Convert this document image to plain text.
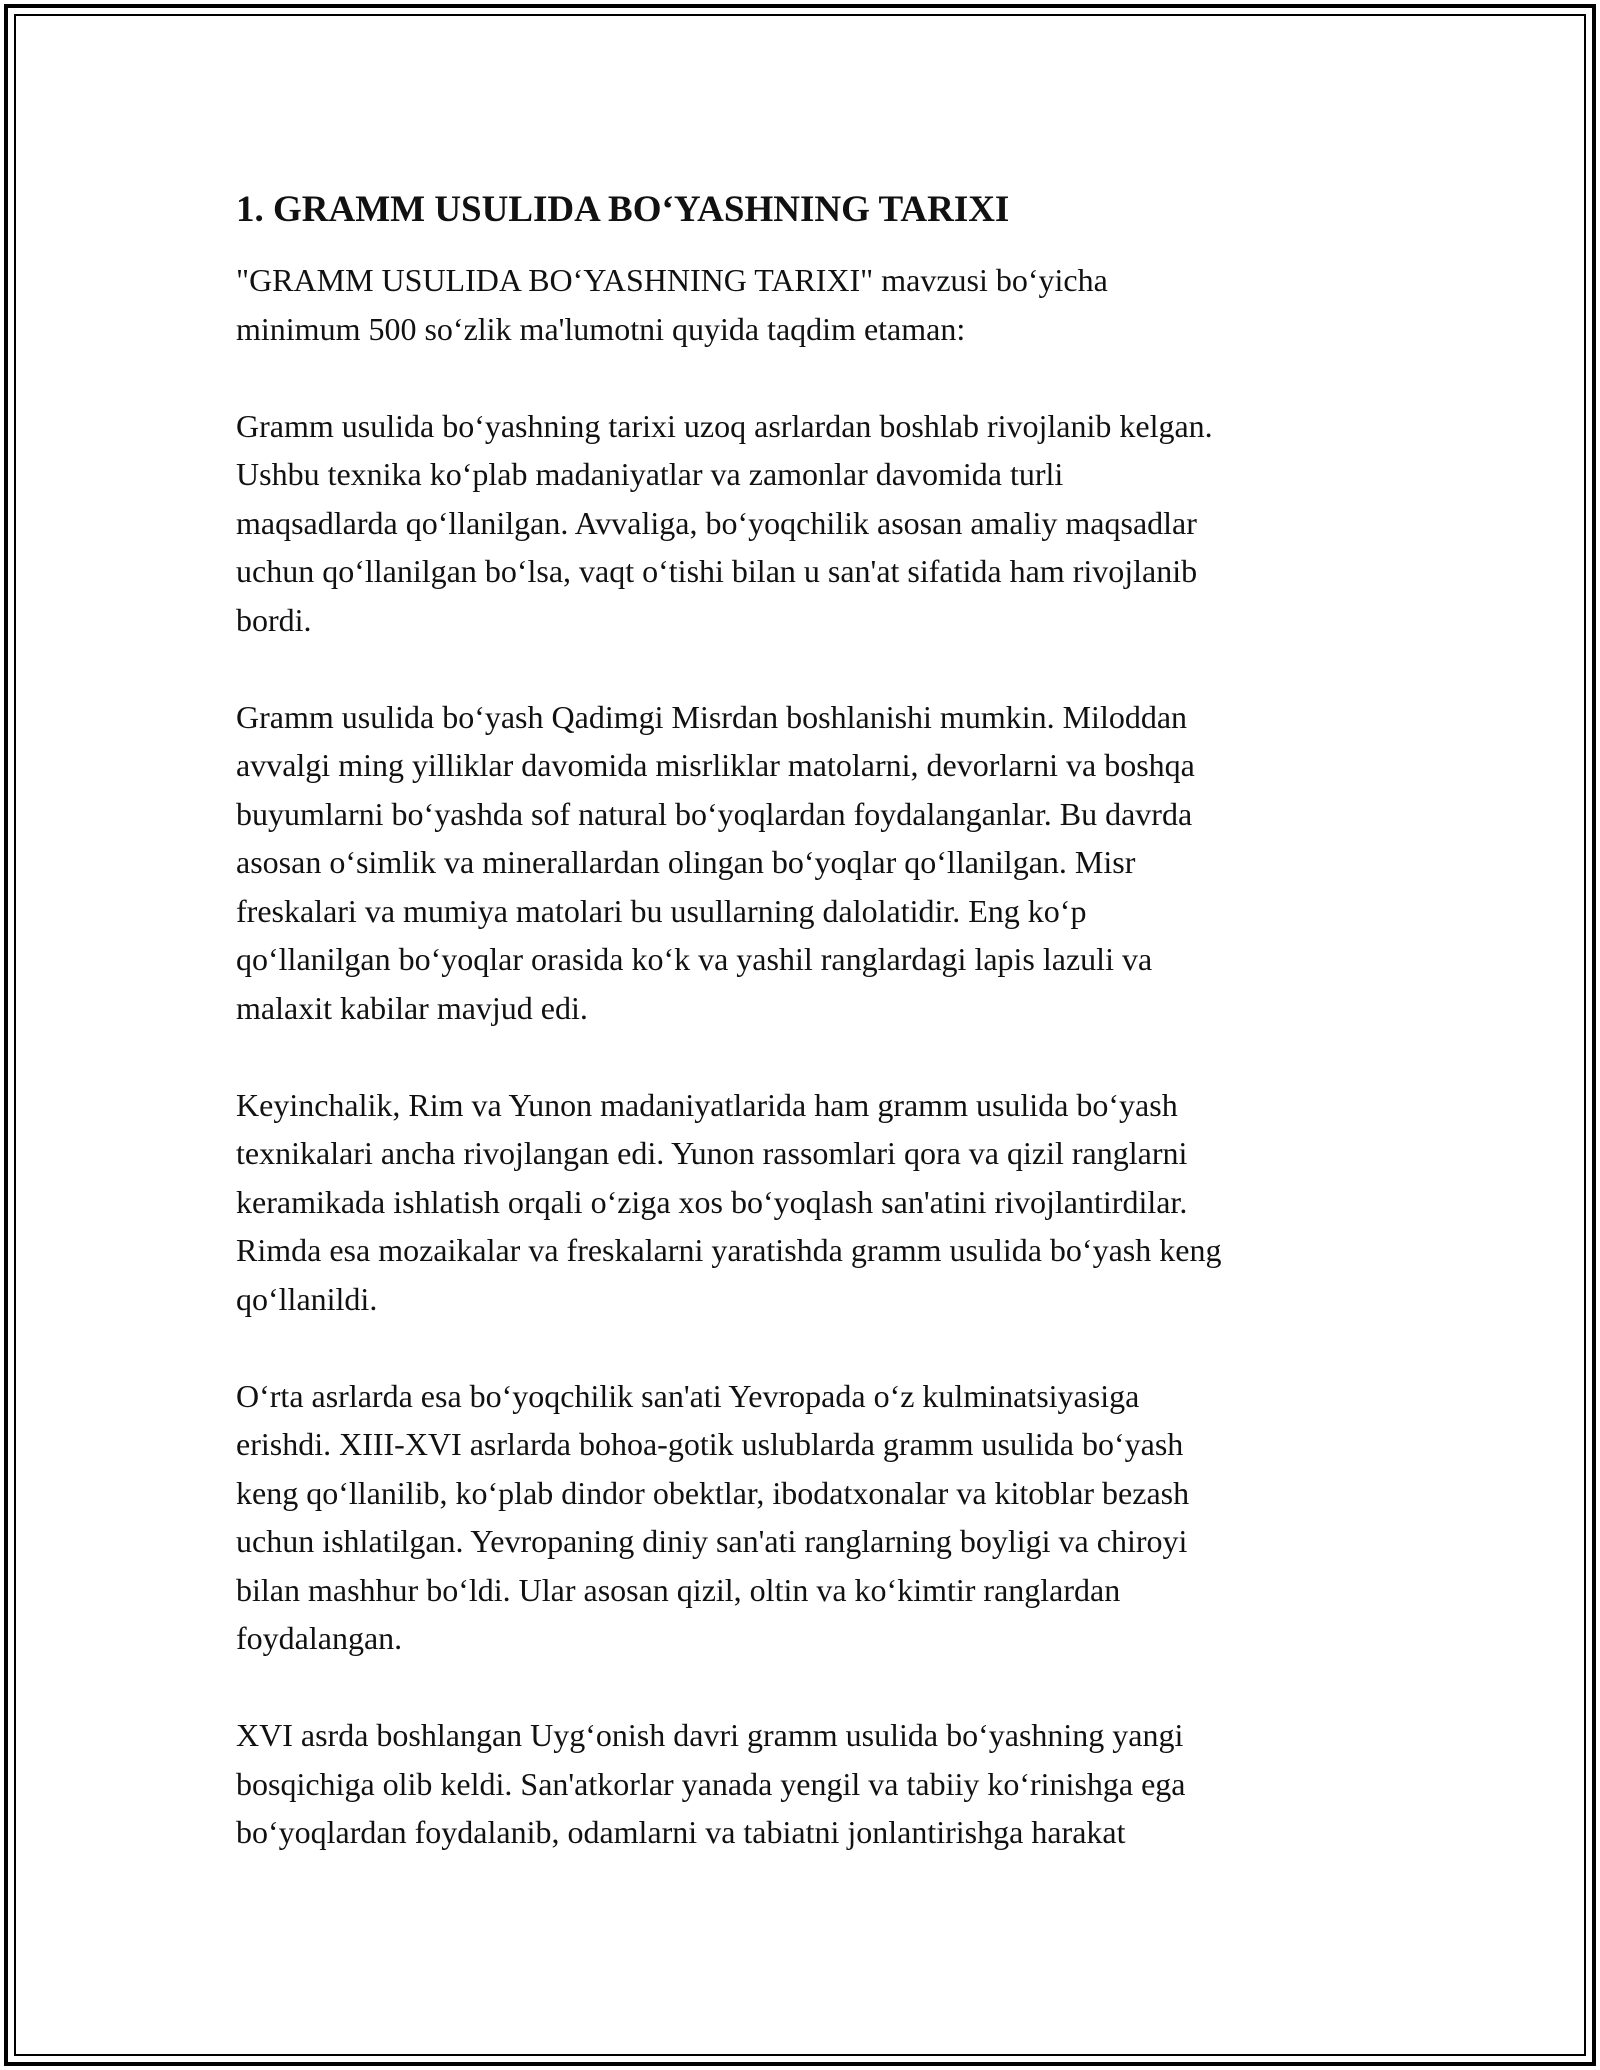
1. GRAMM USULIDA BO‘YASHNING TARIXI

"GRAMM USULIDA BO‘YASHNING TARIXI" mavzusi bo‘yicha
minimum 500 so‘zlik ma'lumotni quyida taqdim etaman:

Gramm usulida bo‘yashning tarixi uzoq asrlardan boshlab rivojlanib kelgan.
Ushbu texnika ko‘plab madaniyatlar va zamonlar davomida turli
maqsadlarda qo‘llanilgan. Avvaliga, bo‘yoqchilik asosan amaliy maqsadlar
uchun qo‘llanilgan bo‘lsa, vaqt o‘tishi bilan u san'at sifatida ham rivojlanib
bordi.

Gramm usulida bo‘yash Qadimgi Misrdan boshlanishi mumkin. Miloddan
avvalgi ming yilliklar davomida misrliklar matolarni, devorlarni va boshqa
buyumlarni bo‘yashda sof natural bo‘yoqlardan foydalanganlar. Bu davrda
asosan o‘simlik va minerallardan olingan bo‘yoqlar qo‘llanilgan. Misr
freskalari va mumiya matolari bu usullarning dalolatidir. Eng ko‘p
qo‘llanilgan bo‘yoqlar orasida ko‘k va yashil ranglardagi lapis lazuli va
malaxit kabilar mavjud edi.

Keyinchalik, Rim va Yunon madaniyatlarida ham gramm usulida bo‘yash
texnikalari ancha rivojlangan edi. Yunon rassomlari qora va qizil ranglarni
keramikada ishlatish orqali o‘ziga xos bo‘yoqlash san'atini rivojlantirdilar.
Rimda esa mozaikalar va freskalarni yaratishda gramm usulida bo‘yash keng
qo‘llanildi.

O‘rta asrlarda esa bo‘yoqchilik san'ati Yevropada o‘z kulminatsiyasiga
erishdi. XIII-XVI asrlarda bohoa-gotik uslublarda gramm usulida bo‘yash
keng qo‘llanilib, ko‘plab dindor obektlar, ibodatxonalar va kitoblar bezash
uchun ishlatilgan. Yevropaning diniy san'ati ranglarning boyligi va chiroyi
bilan mashhur bo‘ldi. Ular asosan qizil, oltin va ko‘kimtir ranglardan
foydalangan.

XVI asrda boshlangan Uyg‘onish davri gramm usulida bo‘yashning yangi
bosqichiga olib keldi. San'atkorlar yanada yengil va tabiiy ko‘rinishga ega
bo‘yoqlardan foydalanib, odamlarni va tabiatni jonlantirishga harakat
